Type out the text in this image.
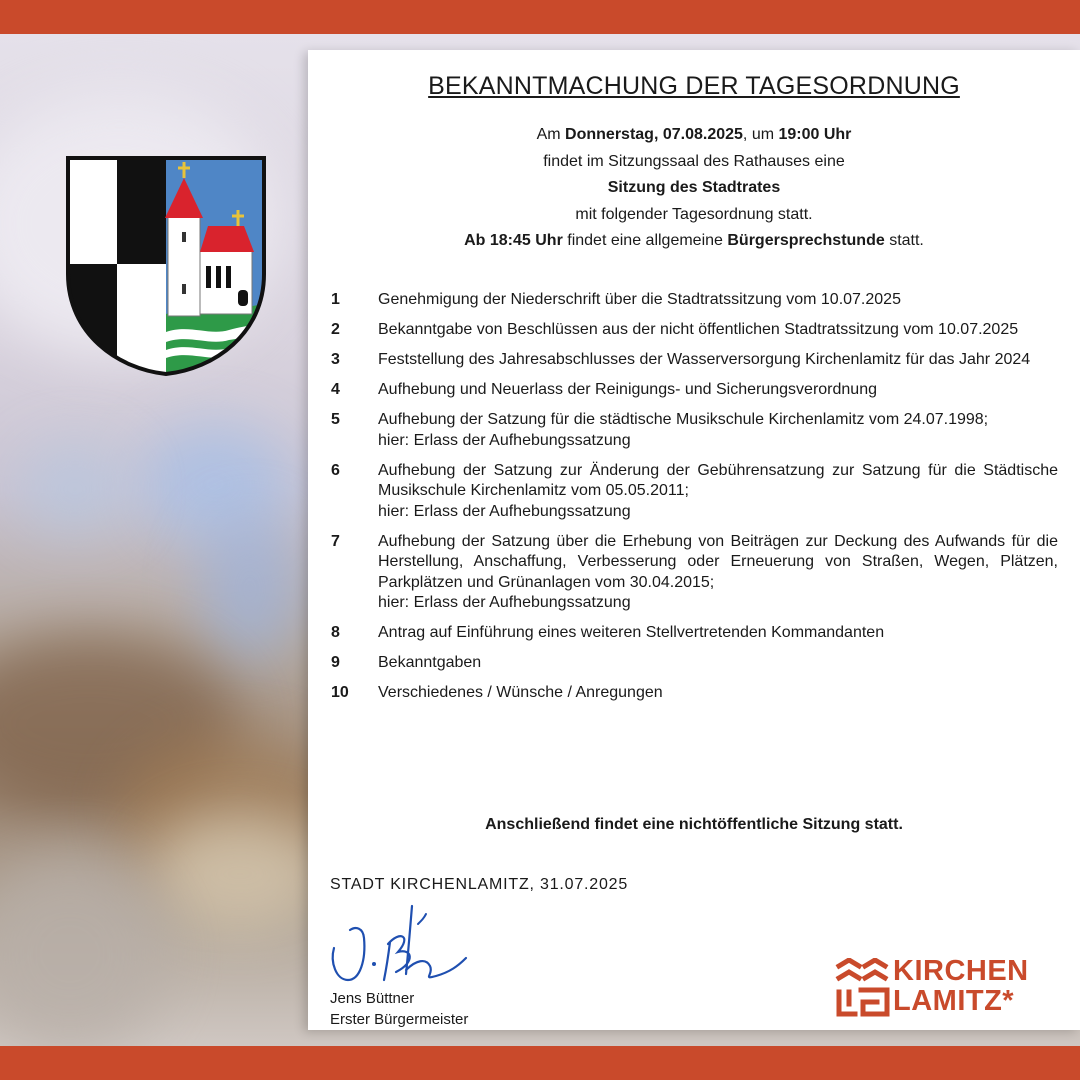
BEKANNTMACHUNG DER TAGESORDNUNG
Am Donnerstag, 07.08.2025, um 19:00 Uhr
findet im Sitzungssaal des Rathauses eine
Sitzung des Stadtrates
mit folgender Tagesordnung statt.
Ab 18:45 Uhr findet eine allgemeine Bürgersprechstunde statt.
1	Genehmigung der Niederschrift über die Stadtratssitzung vom 10.07.2025
2	Bekanntgabe von Beschlüssen aus der nicht öffentlichen Stadtratssitzung vom 10.07.2025
3	Feststellung des Jahresabschlusses der Wasserversorgung Kirchenlamitz für das Jahr 2024
4	Aufhebung und Neuerlass der Reinigungs- und Sicherungsverordnung
5	Aufhebung der Satzung für die städtische Musikschule Kirchenlamitz vom 24.07.1998;
hier: Erlass der Aufhebungssatzung
6	Aufhebung der Satzung zur Änderung der Gebührensatzung zur Satzung für die Städtische Musikschule Kirchenlamitz vom 05.05.2011;
hier: Erlass der Aufhebungssatzung
7	Aufhebung der Satzung über die Erhebung von Beiträgen zur Deckung des Aufwands für die Herstellung, Anschaffung, Verbesserung oder Erneuerung von Straßen, Wegen, Plätzen, Parkplätzen und Grünanlagen vom 30.04.2015;
hier: Erlass der Aufhebungssatzung
8	Antrag auf Einführung eines weiteren Stellvertretenden Kommandanten
9	Bekanntgaben
10	Verschiedenes / Wünsche / Anregungen
Anschließend findet eine nichtöffentliche Sitzung statt.
STADT KIRCHENLAMITZ, 31.07.2025
Jens Büttner
Erster Bürgermeister
KIRCHEN
LAMITZ*
